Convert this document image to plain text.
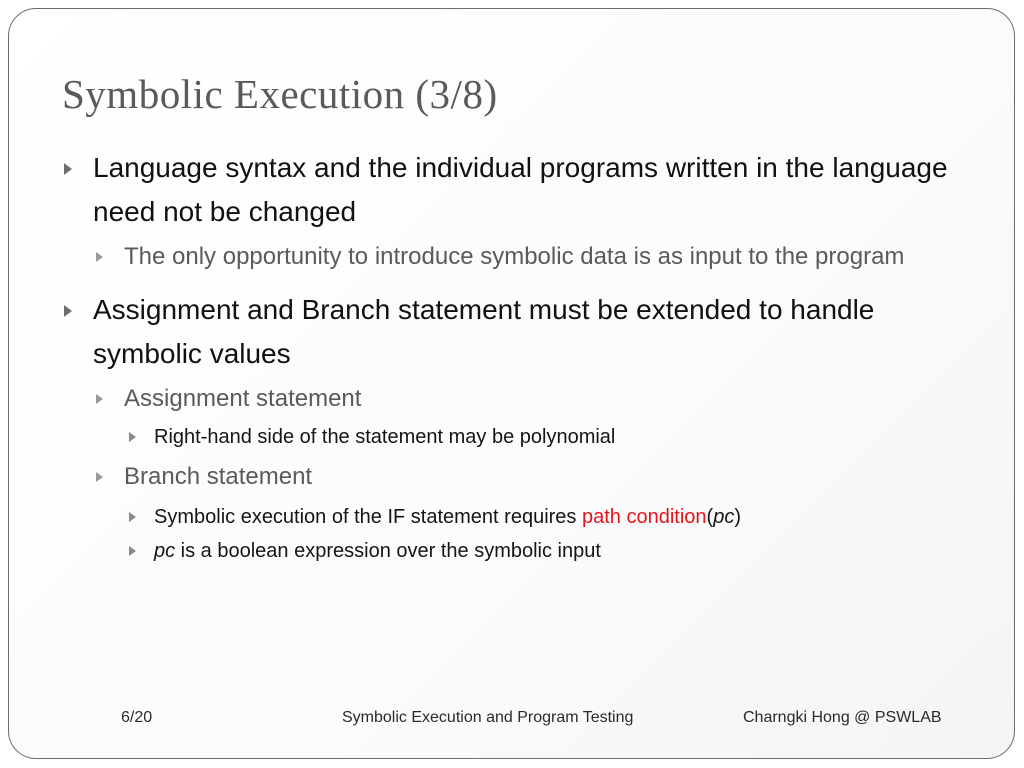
Symbolic Execution (3/8)
Language syntax and the individual programs written in the language need not be changed
The only opportunity to introduce symbolic data is as input to the program
Assignment and Branch statement must be extended to handle symbolic values
Assignment statement
Right-hand side of the statement may be polynomial
Branch statement
Symbolic execution of the IF statement requires path condition(pc)
pc is a boolean expression over the symbolic input
6/20	Symbolic Execution and Program Testing	Charngki Hong @ PSWLAB
